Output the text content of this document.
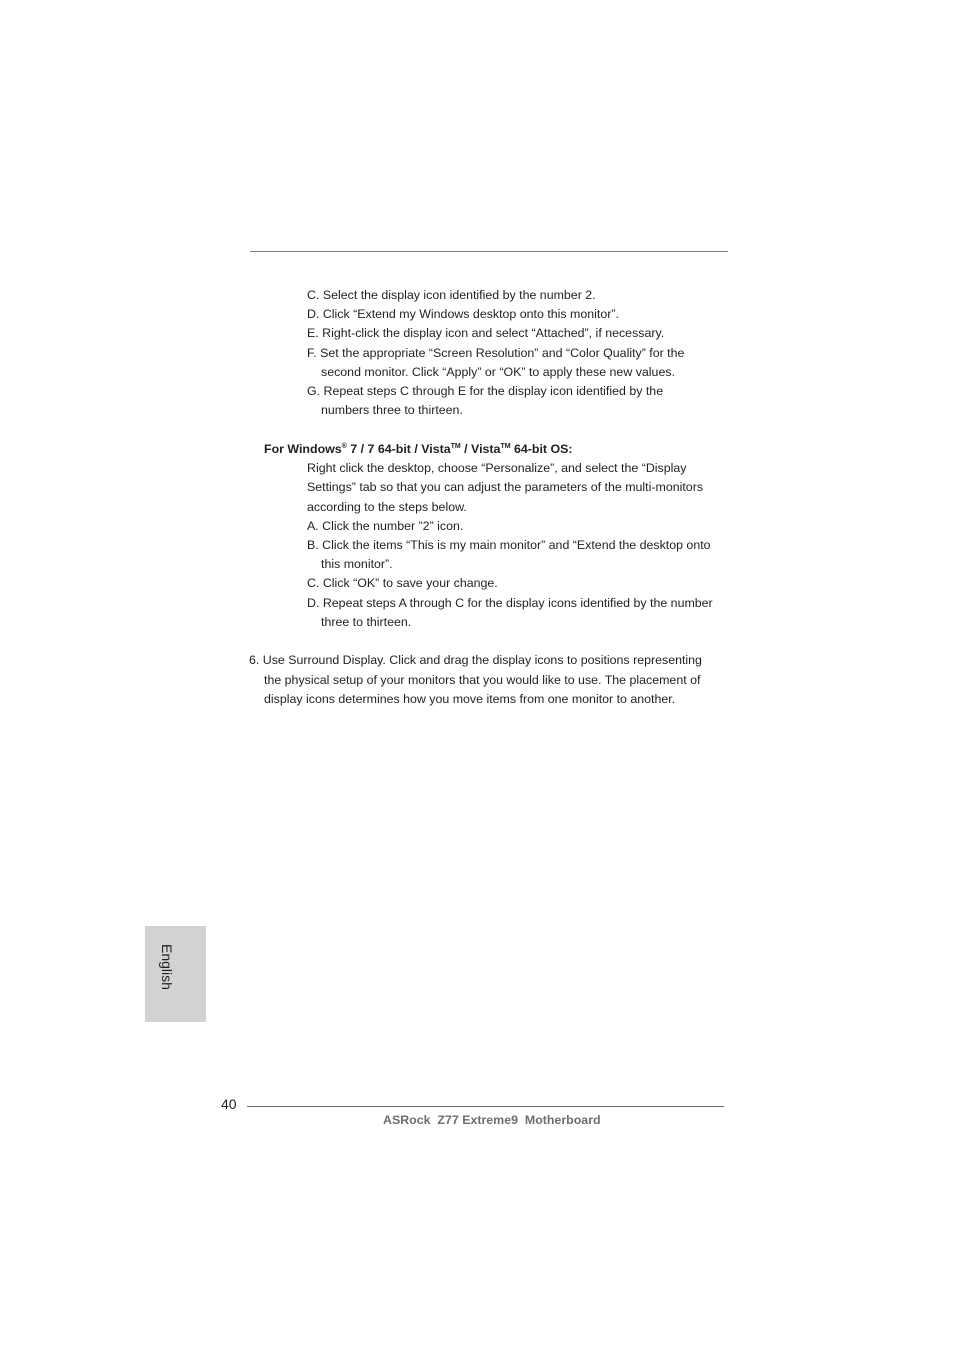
C. Select the display icon identified by the number 2.
D. Click “Extend my Windows desktop onto this monitor”.
E. Right-click the display icon and select “Attached”, if necessary.
F. Set the appropriate “Screen Resolution” and “Color Quality” for the
second monitor. Click “Apply” or “OK” to apply these new values.
G. Repeat steps C through E for the display icon identified by the
numbers three to thirteen.
For Windows® 7 / 7 64-bit / Vista™ / Vista™ 64-bit OS:
Right click the desktop, choose “Personalize”, and select the “Display
Settings” tab so that you can adjust the parameters of the multi-monitors
according to the steps below.
A. Click the number ”2” icon.
B. Click the items “This is my main monitor” and “Extend the desktop onto
this monitor”.
C. Click “OK” to save your change.
D. Repeat steps A through C for the display icons identified by the number
three to thirteen.
6. Use Surround Display. Click and drag the display icons to positions representing
the physical setup of your monitors that you would like to use. The placement of
display icons determines how you move items from one monitor to another.
English
40
ASRock  Z77 Extreme9  Motherboard
